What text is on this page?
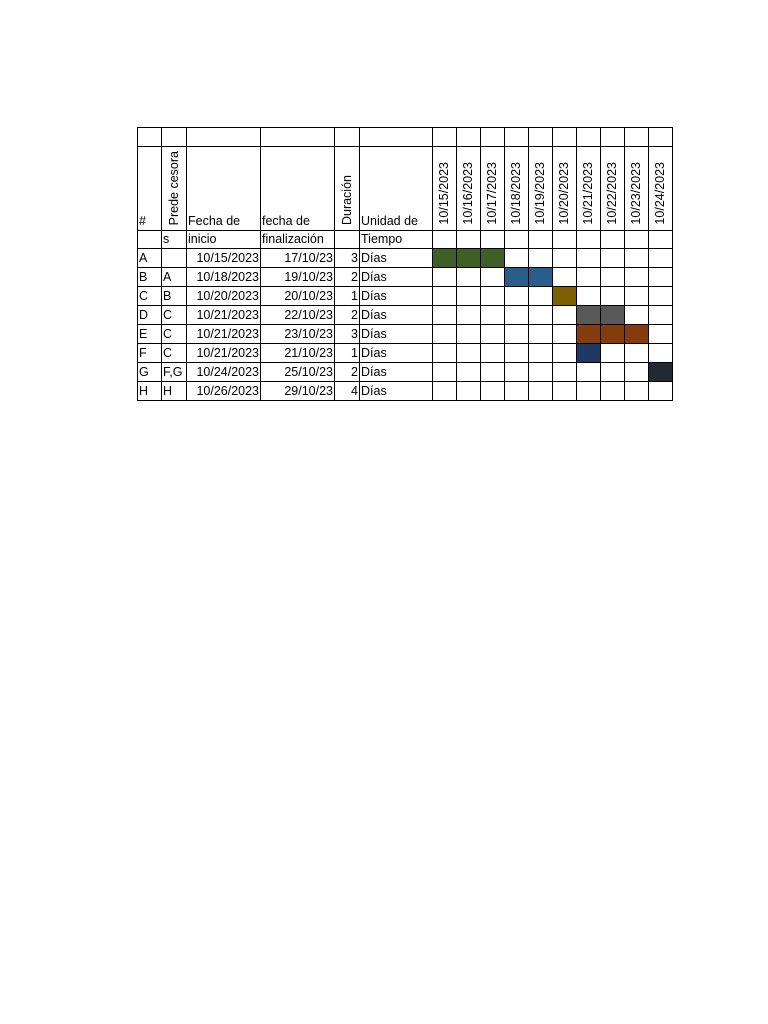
#	Prede cesora	Fecha de	fecha de	Duración	Unidad de	10/15/2023	10/16/2023	10/17/2023	10/18/2023	10/19/2023	10/20/2023	10/21/2023	10/22/2023	10/23/2023	10/24/2023
	s	inicio	finalización		Tiempo										
A		10/15/2023	17/10/23	3	Días										
B	A	10/18/2023	19/10/23	2	Días										
C	B	10/20/2023	20/10/23	1	Días										
D	C	10/21/2023	22/10/23	2	Días										
E	C	10/21/2023	23/10/23	3	Días										
F	C	10/21/2023	21/10/23	1	Días										
G	F,G	10/24/2023	25/10/23	2	Días										
H	H	10/26/2023	29/10/23	4	Días										
